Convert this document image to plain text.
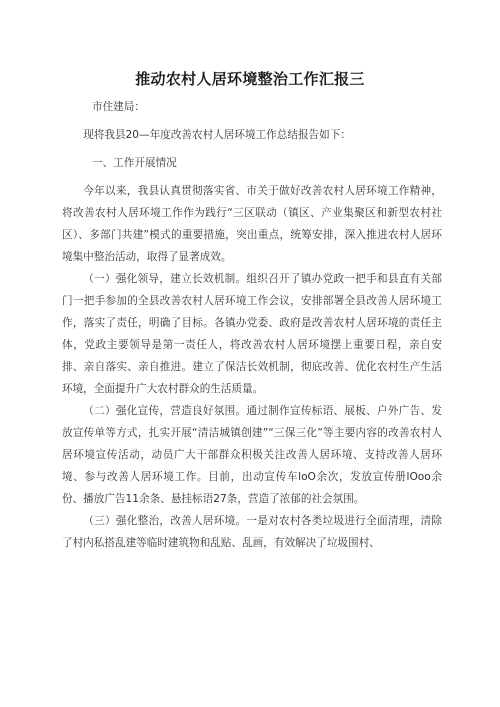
推动农村人居环境整治工作汇报三

市住建局：

现将我县20—年度改善农村人居环境工作总结报告如下：

一、工作开展情况

今年以来，我县认真贯彻落实省、市关于做好改善农村人居环境工作精神，将改善农村人居环境工作作为践行“三区联动（镇区、产业集聚区和新型农村社区）、多部门共建”模式的重要措施，突出重点，统筹安排，深入推进农村人居环境集中整治活动，取得了显著成效。

（一）强化领导，建立长效机制。组织召开了镇办党政一把手和县直有关部门一把手参加的全县改善农村人居环境工作会议，安排部署全县改善人居环境工作，落实了责任，明确了目标。各镇办党委、政府是改善农村人居环境的责任主体，党政主要领导是第一责任人，将改善农村人居环境摆上重要日程，亲自安排、亲自落实、亲自推进。建立了保洁长效机制，彻底改善、优化农村生产生活环境，全面提升广大农村群众的生活质量。

（二）强化宣传，营造良好氛围。通过制作宣传标语、展板、户外广告、发放宣传单等方式，扎实开展“清洁城镇创建”“三保三化”等主要内容的改善农村人居环境宣传活动，动员广大干部群众积极关注改善人居环境、支持改善人居环境、参与改善人居环境工作。目前，出动宣传车loO余次，发放宣传册lOoo余份、播放广告11余条、悬挂标语27条，营造了浓郁的社会氛围。

（三）强化整治，改善人居环境。一是对农村各类垃圾进行全面清理，清除了村内私搭乱建等临时建筑物和乱贴、乱画，有效解决了垃圾围村、
